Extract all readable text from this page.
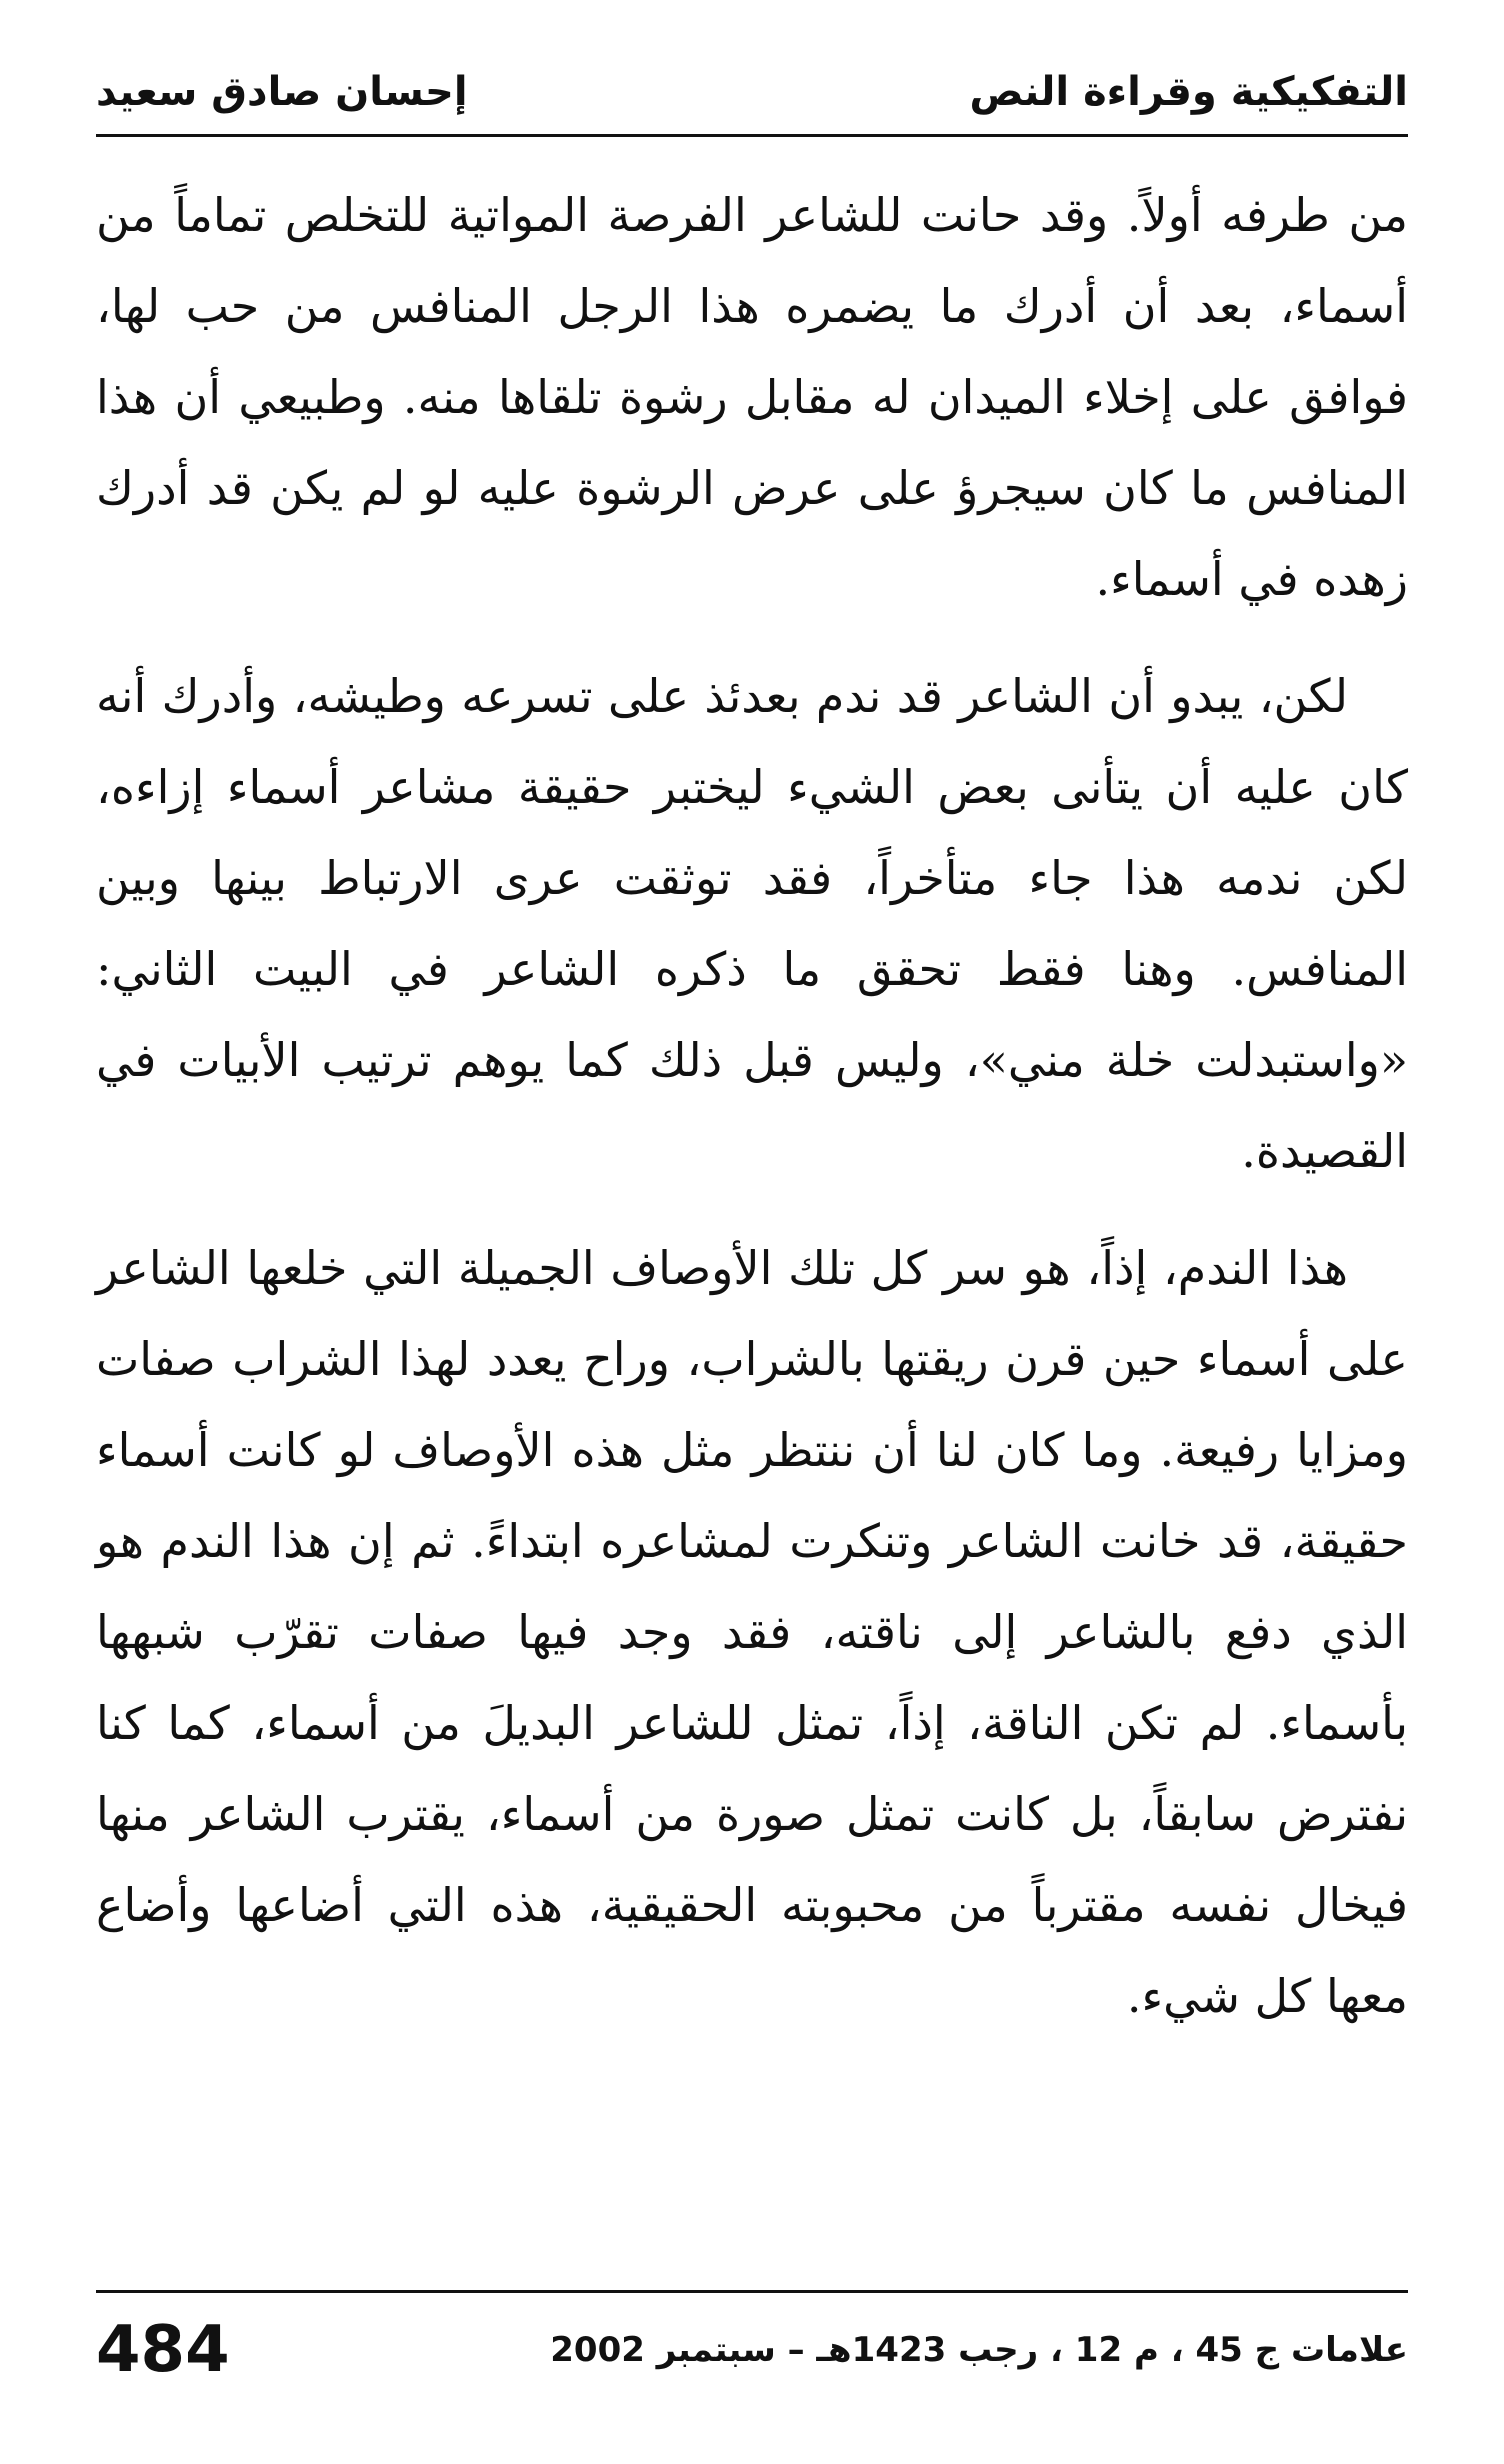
التفكيكية وقراءة النص
إحسان صادق سعيد

من طرفه أولاً. وقد حانت للشاعر الفرصة المواتية للتخلص تماماً من أسماء، بعد أن أدرك ما يضمره هذا الرجل المنافس من حب لها، فوافق على إخلاء الميدان له مقابل رشوة تلقاها منه. وطبيعي أن هذا المنافس ما كان سيجرؤ على عرض الرشوة عليه لو لم يكن قد أدرك زهده في أسماء.

لكن، يبدو أن الشاعر قد ندم بعدئذ على تسرعه وطيشه، وأدرك أنه كان عليه أن يتأنى بعض الشيء ليختبر حقيقة مشاعر أسماء إزاءه، لكن ندمه هذا جاء متأخراً، فقد توثقت عرى الارتباط بينها وبين المنافس. وهنا فقط تحقق ما ذكره الشاعر في البيت الثاني: «واستبدلت خلة مني»، وليس قبل ذلك كما يوهم ترتيب الأبيات في القصيدة.

هذا الندم، إذاً، هو سر كل تلك الأوصاف الجميلة التي خلعها الشاعر على أسماء حين قرن ريقتها بالشراب، وراح يعدد لهذا الشراب صفات ومزايا رفيعة. وما كان لنا أن ننتظر مثل هذه الأوصاف لو كانت أسماء حقيقة، قد خانت الشاعر وتنكرت لمشاعره ابتداءً. ثم إن هذا الندم هو الذي دفع بالشاعر إلى ناقته، فقد وجد فيها صفات تقرّب شبهها بأسماء. لم تكن الناقة، إذاً، تمثل للشاعر البديلَ من أسماء، كما كنا نفترض سابقاً، بل كانت تمثل صورة من أسماء، يقترب الشاعر منها فيخال نفسه مقترباً من محبوبته الحقيقية، هذه التي أضاعها وأضاع معها كل شيء.

علامات ج 45 ، م 12 ، رجب 1423هـ – سبتمبر 2002
484
